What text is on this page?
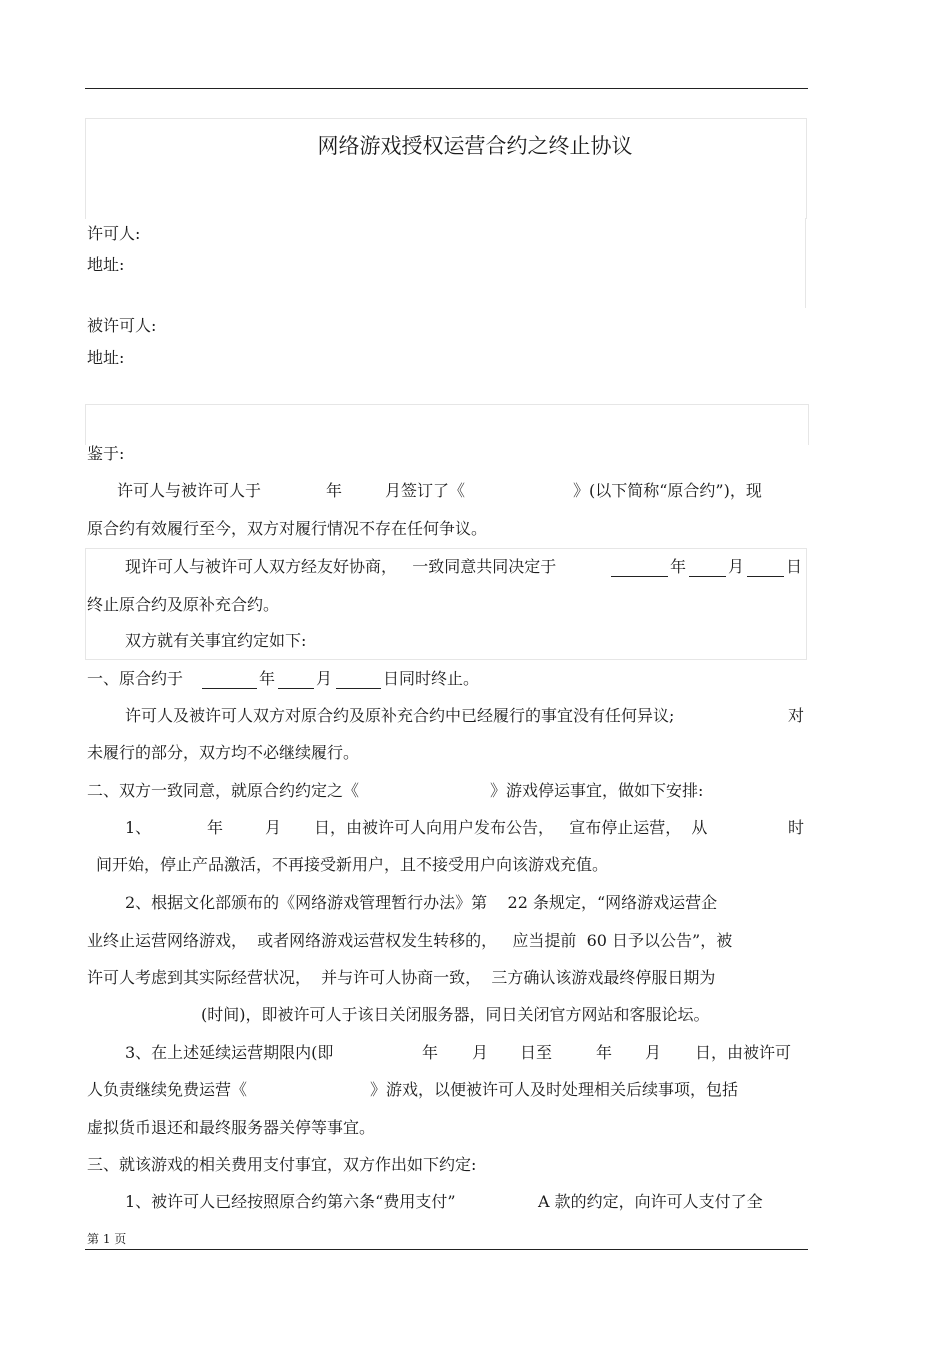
网络游戏授权运营合约之终止协议
许可人:
地址:
被许可人:
地址:
鉴于:
许可人与被许可人于	年	月签订了《	》(以下简称“原合约”)，现
原合约有效履行至今，双方对履行情况不存在任何争议。
现许可人与被许可人双方经友好协商，   一致同意共同决定于	年	月	日
终止原合约及原补充合约。
双方就有关事宜约定如下:
一、原合约于	年	月	日同时终止。
许可人及被许可人双方对原合约及原补充合约中已经履行的事宜没有任何异议;	对
未履行的部分，双方均不必继续履行。
二、双方一致同意，就原合约约定之《	》游戏停运事宜，做如下安排:
1、	年	月 日，由被许可人向用户发布公告，   宣布停止运营，  从	时
间开始，停止产品激活，不再接受新用户，且不接受用户向该游戏充值。
2、根据文化部颁布的《网络游戏管理暂行办法》第    22 条规定，“网络游戏运营企
业终止运营网络游戏，  或者网络游戏运营权发生转移的，   应当提前  60 日予以公告”，被
许可人考虑到其实际经营状况，  并与许可人协商一致，  三方确认该游戏最终停服日期为
(时间)，即被许可人于该日关闭服务器，同日关闭官方网站和客服论坛。
3、在上述延续运营期限内(即	年 月 日至	年 月 日，由被许可
人负责继续免费运营《	》游戏，以便被许可人及时处理相关后续事项，包括
虚拟货币退还和最终服务器关停等事宜。
三、就该游戏的相关费用支付事宜，双方作出如下约定:
1、被许可人已经按照原合约第六条“费用支付”	A 款的约定，向许可人支付了全
第 1 页
